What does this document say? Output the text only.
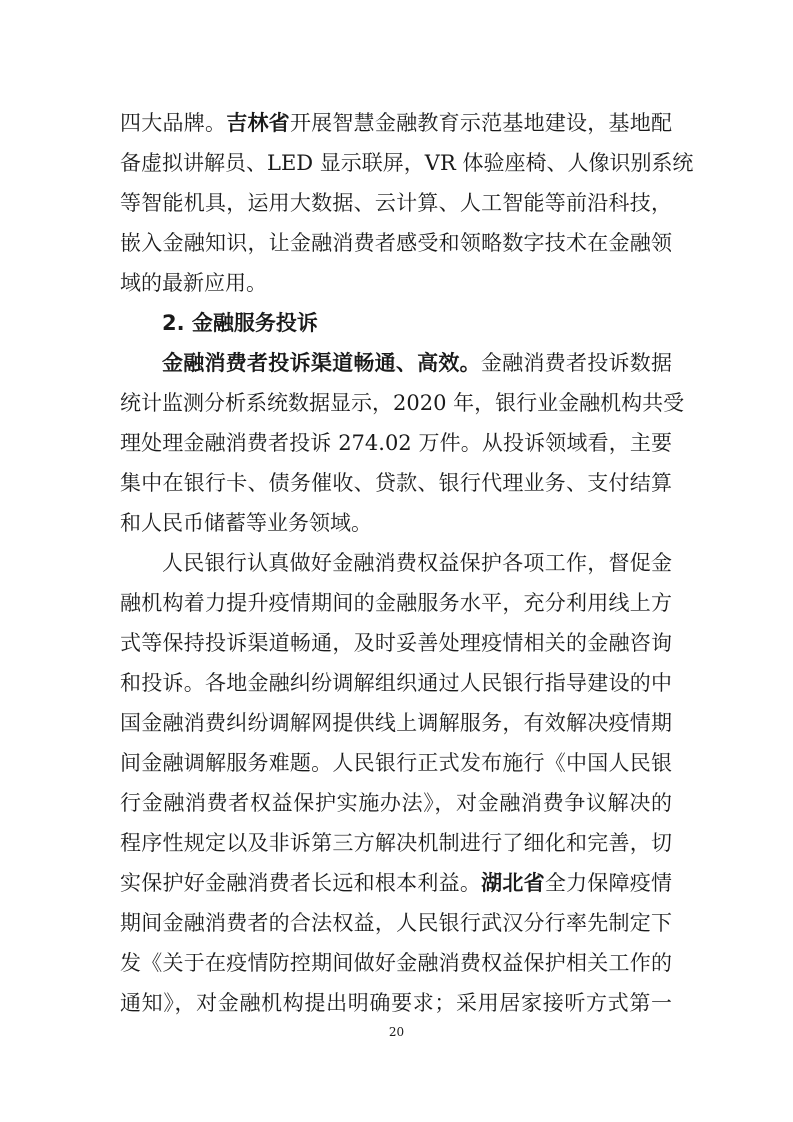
四大品牌。吉林省开展智慧金融教育示范基地建设，基地配
备虚拟讲解员、LED 显示联屏，VR 体验座椅、人像识别系统
等智能机具，运用大数据、云计算、人工智能等前沿科技，
嵌入金融知识，让金融消费者感受和领略数字技术在金融领
域的最新应用。
2. 金融服务投诉
金融消费者投诉渠道畅通、高效。金融消费者投诉数据
统计监测分析系统数据显示，2020 年，银行业金融机构共受
理处理金融消费者投诉 274.02 万件。从投诉领域看，主要
集中在银行卡、债务催收、贷款、银行代理业务、支付结算
和人民币储蓄等业务领域。
人民银行认真做好金融消费权益保护各项工作，督促金
融机构着力提升疫情期间的金融服务水平，充分利用线上方
式等保持投诉渠道畅通，及时妥善处理疫情相关的金融咨询
和投诉。各地金融纠纷调解组织通过人民银行指导建设的中
国金融消费纠纷调解网提供线上调解服务，有效解决疫情期
间金融调解服务难题。人民银行正式发布施行《中国人民银
行金融消费者权益保护实施办法》，对金融消费争议解决的
程序性规定以及非诉第三方解决机制进行了细化和完善，切
实保护好金融消费者长远和根本利益。湖北省全力保障疫情
期间金融消费者的合法权益，人民银行武汉分行率先制定下
发《关于在疫情防控期间做好金融消费权益保护相关工作的
通知》，对金融机构提出明确要求；采用居家接听方式第一
20
